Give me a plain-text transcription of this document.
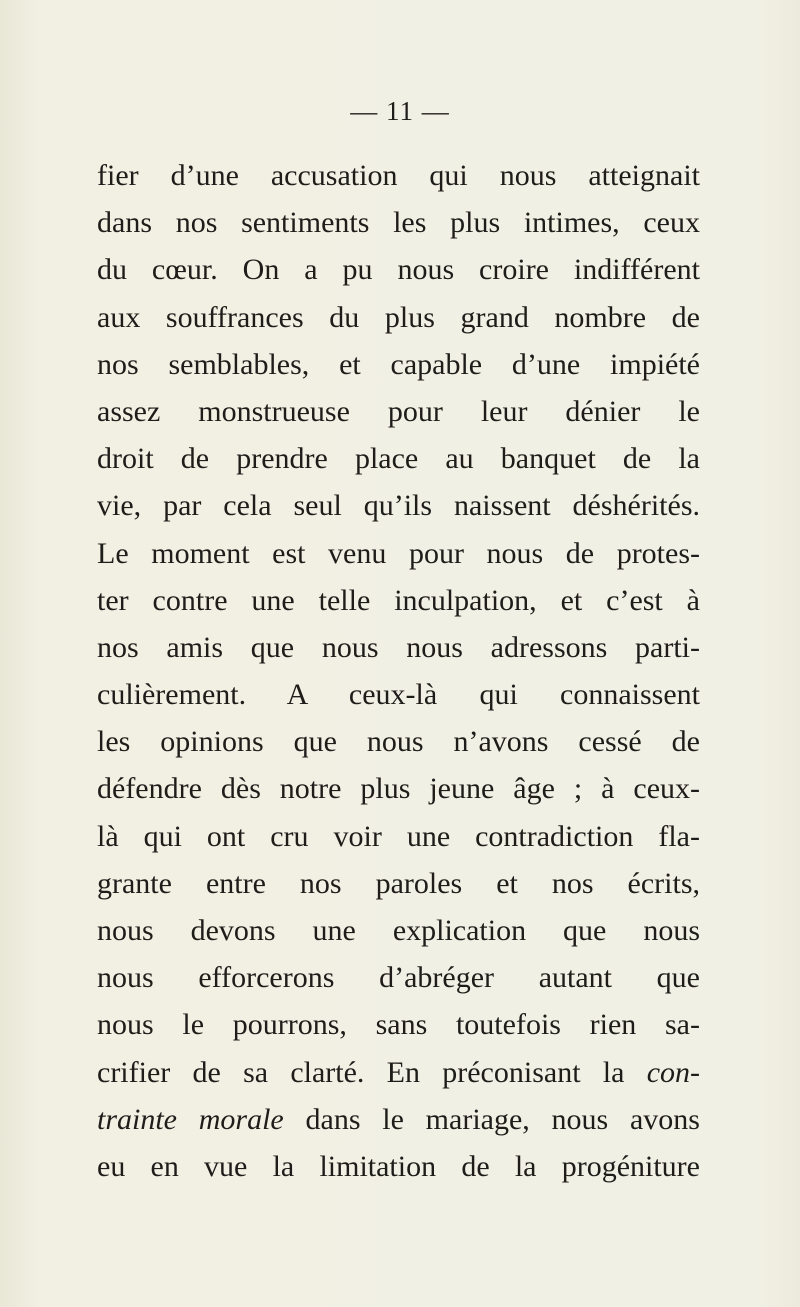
— 11 —
fier d’une accusation qui nous atteignait
dans nos sentiments les plus intimes, ceux
du cœur. On a pu nous croire indifférent
aux souffrances du plus grand nombre de
nos semblables, et capable d’une impiété
assez monstrueuse pour leur dénier le
droit de prendre place au banquet de la
vie, par cela seul qu’ils naissent déshérités.
Le moment est venu pour nous de protes-
ter contre une telle inculpation, et c’est à
nos amis que nous nous adressons parti-
culièrement. A ceux-là qui connaissent
les opinions que nous n’avons cessé de
défendre dès notre plus jeune âge ; à ceux-
là qui ont cru voir une contradiction fla-
grante entre nos paroles et nos écrits,
nous devons une explication que nous
nous efforcerons d’abréger autant que
nous le pourrons, sans toutefois rien sa-
crifier de sa clarté. En préconisant la con-
trainte morale dans le mariage, nous avons
eu en vue la limitation de la progéniture
